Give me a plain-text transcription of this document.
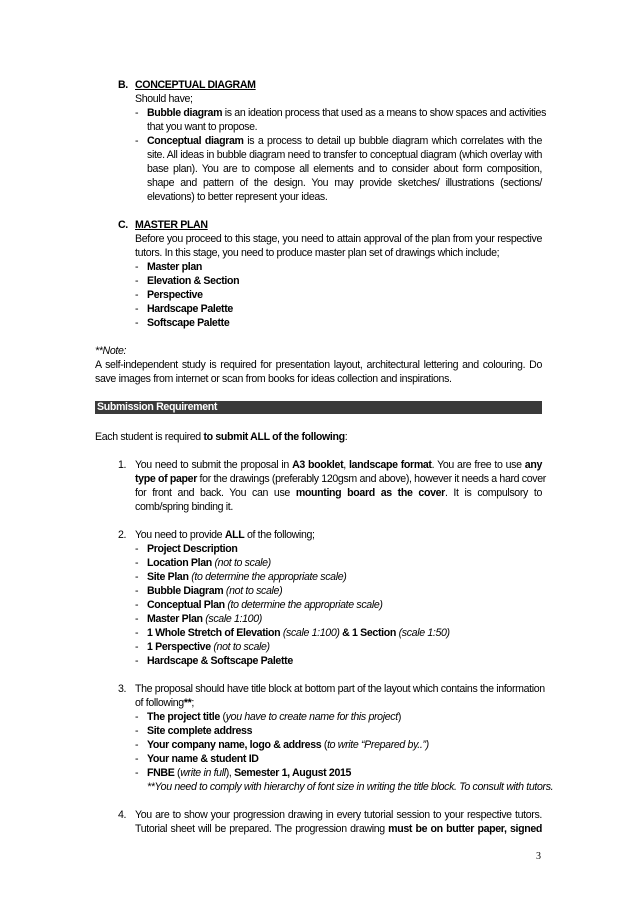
B. CONCEPTUAL DIAGRAM
Should have;
- Bubble diagram is an ideation process that used as a means to show spaces and activities
that you want to propose.
- Conceptual diagram is a process to detail up bubble diagram which correlates with the
site. All ideas in bubble diagram need to transfer to conceptual diagram (which overlay with
base plan). You are to compose all elements and to consider about form composition,
shape and pattern of the design. You may provide sketches/ illustrations (sections/
elevations) to better represent your ideas.
C. MASTER PLAN
Before you proceed to this stage, you need to attain approval of the plan from your respective
tutors. In this stage, you need to produce master plan set of drawings which include;
- Master plan
- Elevation & Section
- Perspective
- Hardscape Palette
- Softscape Palette
**Note:
A self-independent study is required for presentation layout, architectural lettering and colouring. Do
save images from internet or scan from books for ideas collection and inspirations.
Submission Requirement
Each student is required to submit ALL of the following:
1. You need to submit the proposal in A3 booklet, landscape format. You are free to use any
type of paper for the drawings (preferably 120gsm and above), however it needs a hard cover
for front and back. You can use mounting board as the cover. It is compulsory to
comb/spring binding it.
2. You need to provide ALL of the following;
- Project Description
- Location Plan (not to scale)
- Site Plan (to determine the appropriate scale)
- Bubble Diagram (not to scale)
- Conceptual Plan (to determine the appropriate scale)
- Master Plan (scale 1:100)
- 1 Whole Stretch of Elevation (scale 1:100) & 1 Section (scale 1:50)
- 1 Perspective (not to scale)
- Hardscape & Softscape Palette
3. The proposal should have title block at bottom part of the layout which contains the information
of following**;
- The project title (you have to create name for this project)
- Site complete address
- Your company name, logo & address (to write “Prepared by..”)
- Your name & student ID
- FNBE (write in full), Semester 1, August 2015
**You need to comply with hierarchy of font size in writing the title block. To consult with tutors.
4. You are to show your progression drawing in every tutorial session to your respective tutors.
Tutorial sheet will be prepared. The progression drawing must be on butter paper, signed
3
